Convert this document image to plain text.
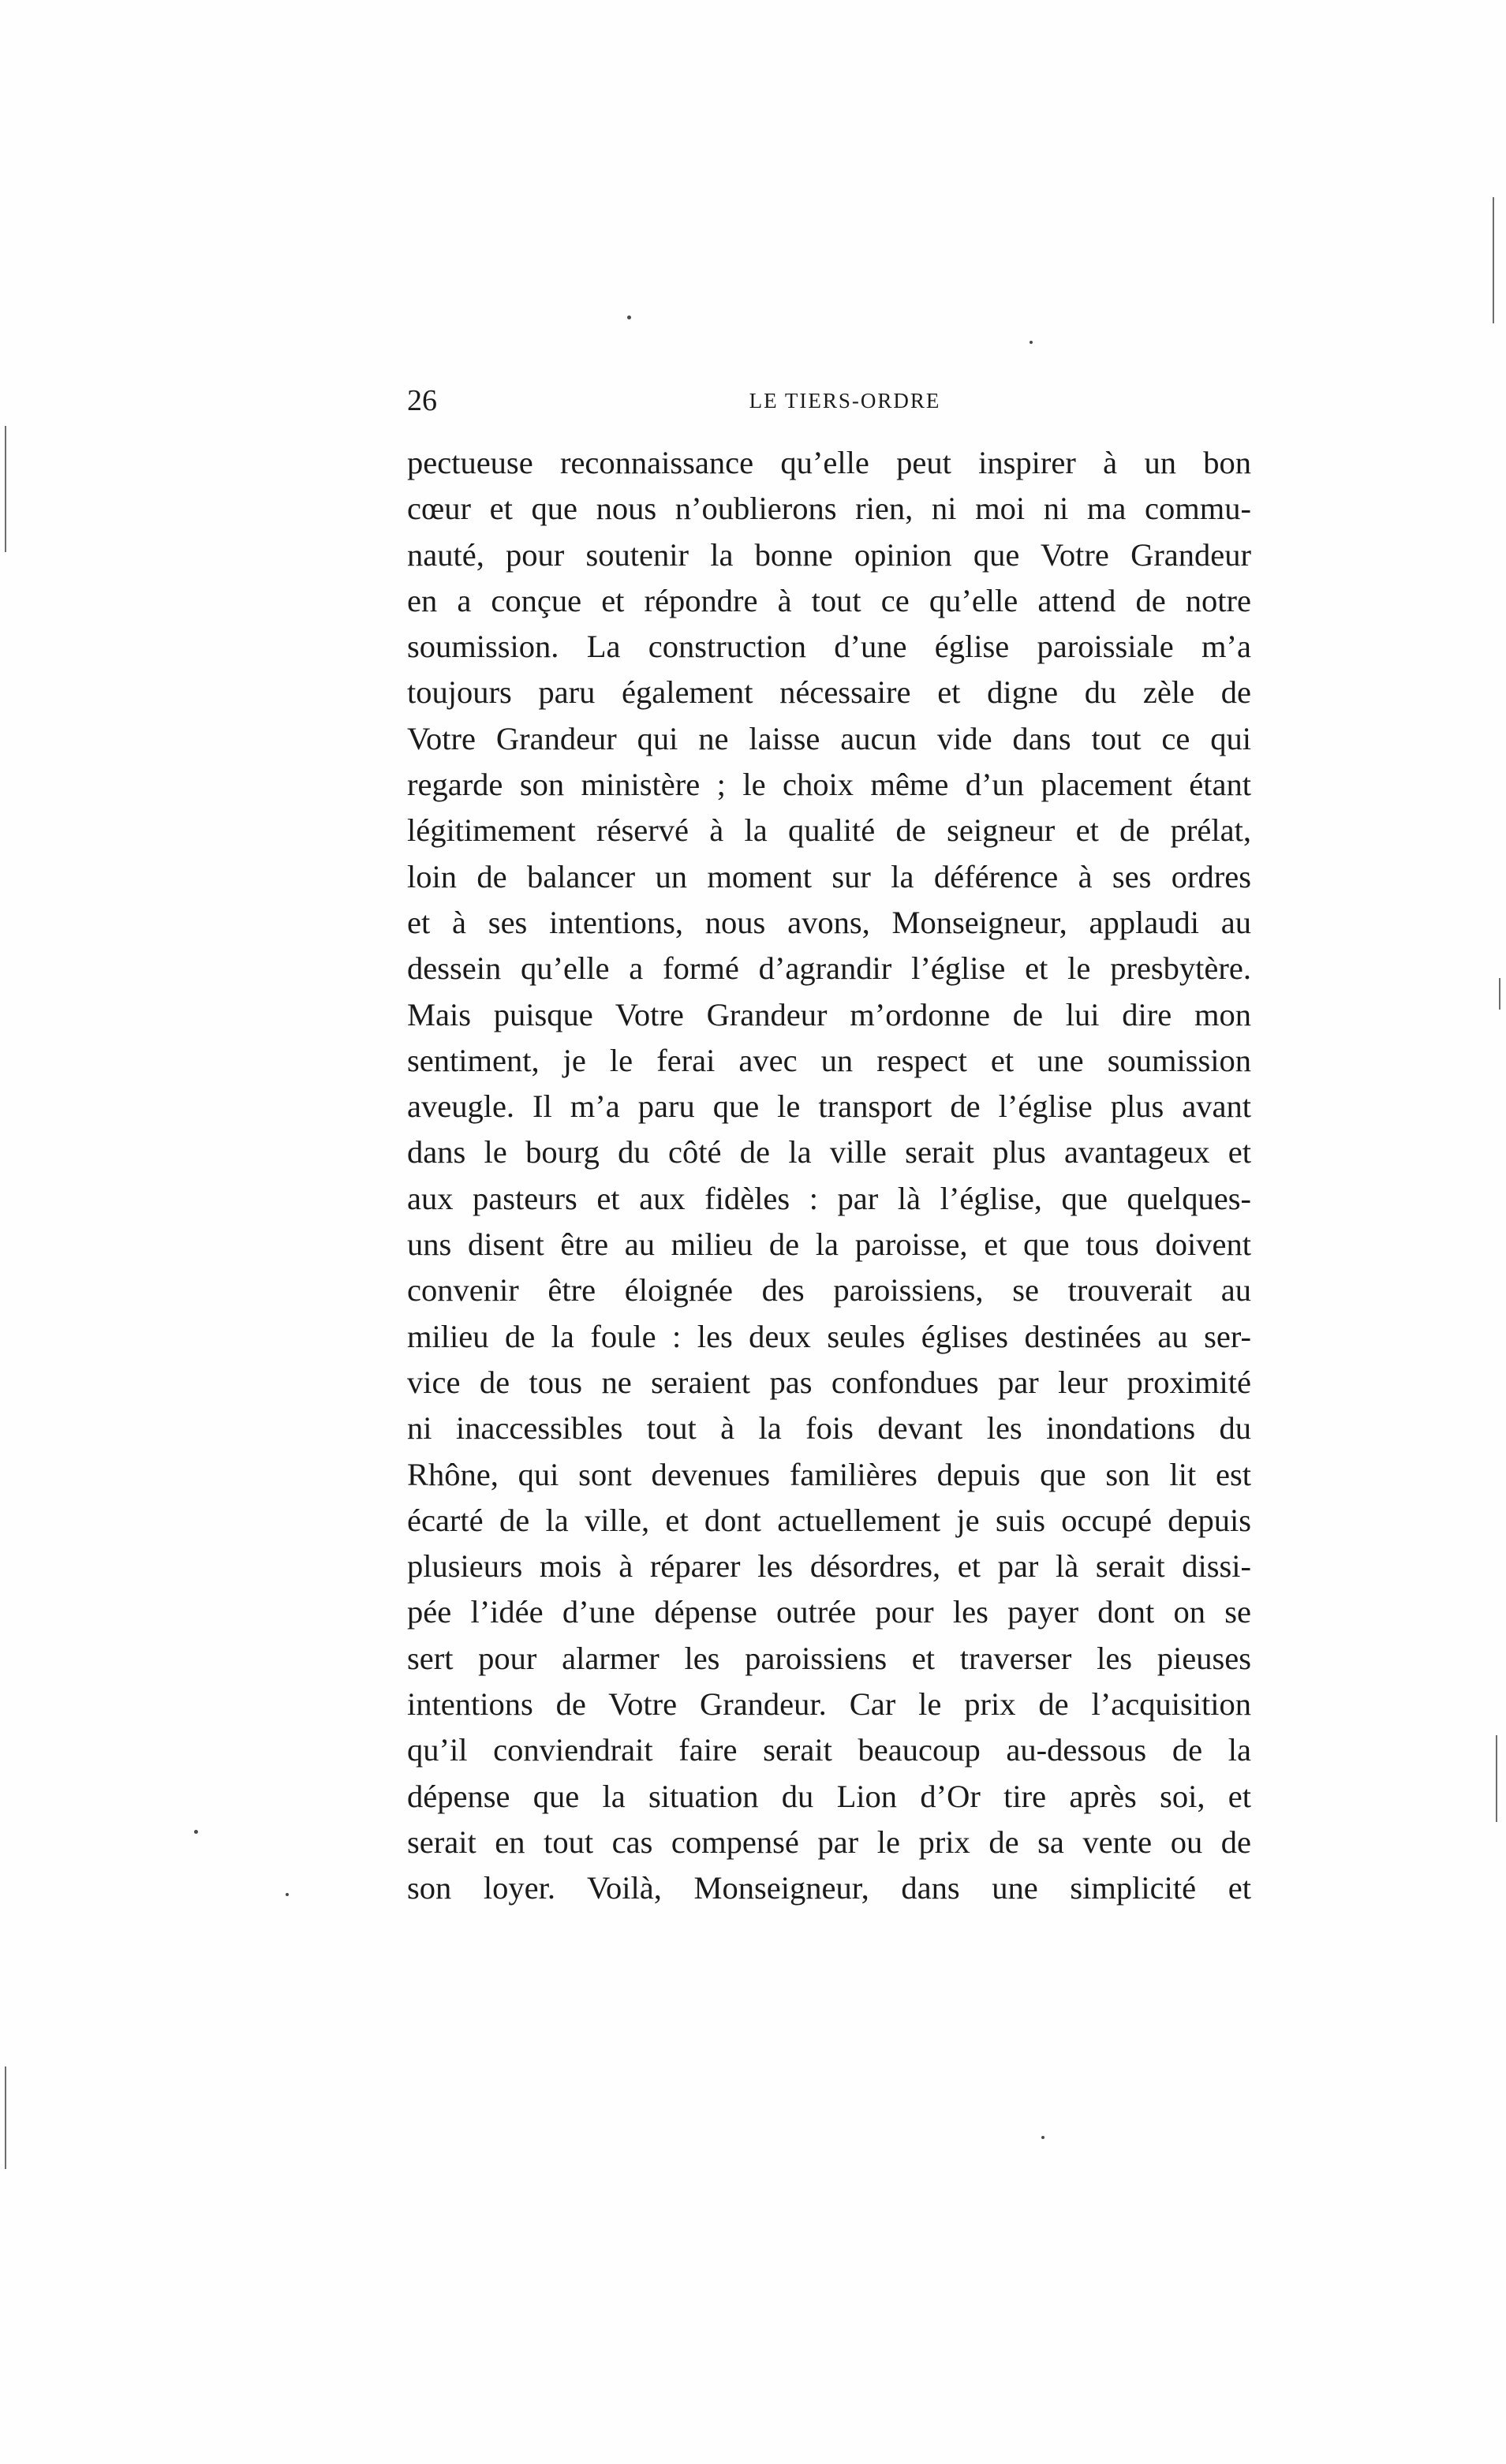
26	LE TIERS-ORDRE
pectueuse reconnaissance qu’elle peut inspirer à un bon
cœur et que nous n’oublierons rien, ni moi ni ma commu-
nauté, pour soutenir la bonne opinion que Votre Grandeur
en a conçue et répondre à tout ce qu’elle attend de notre
soumission. La construction d’une église paroissiale m’a
toujours paru également nécessaire et digne du zèle de
Votre Grandeur qui ne laisse aucun vide dans tout ce qui
regarde son ministère ; le choix même d’un placement étant
légitimement réservé à la qualité de seigneur et de prélat,
loin de balancer un moment sur la déférence à ses ordres
et à ses intentions, nous avons, Monseigneur, applaudi au
dessein qu’elle a formé d’agrandir l’église et le presbytère.
Mais puisque Votre Grandeur m’ordonne de lui dire mon
sentiment, je le ferai avec un respect et une soumission
aveugle. Il m’a paru que le transport de l’église plus avant
dans le bourg du côté de la ville serait plus avantageux et
aux pasteurs et aux fidèles : par là l’église, que quelques-
uns disent être au milieu de la paroisse, et que tous doivent
convenir être éloignée des paroissiens, se trouverait au
milieu de la foule : les deux seules églises destinées au ser-
vice de tous ne seraient pas confondues par leur proximité
ni inaccessibles tout à la fois devant les inondations du
Rhône, qui sont devenues familières depuis que son lit est
écarté de la ville, et dont actuellement je suis occupé depuis
plusieurs mois à réparer les désordres, et par là serait dissi-
pée l’idée d’une dépense outrée pour les payer dont on se
sert pour alarmer les paroissiens et traverser les pieuses
intentions de Votre Grandeur. Car le prix de l’acquisition
qu’il conviendrait faire serait beaucoup au-dessous de la
dépense que la situation du Lion d’Or tire après soi, et
serait en tout cas compensé par le prix de sa vente ou de
son loyer. Voilà, Monseigneur, dans une simplicité et
